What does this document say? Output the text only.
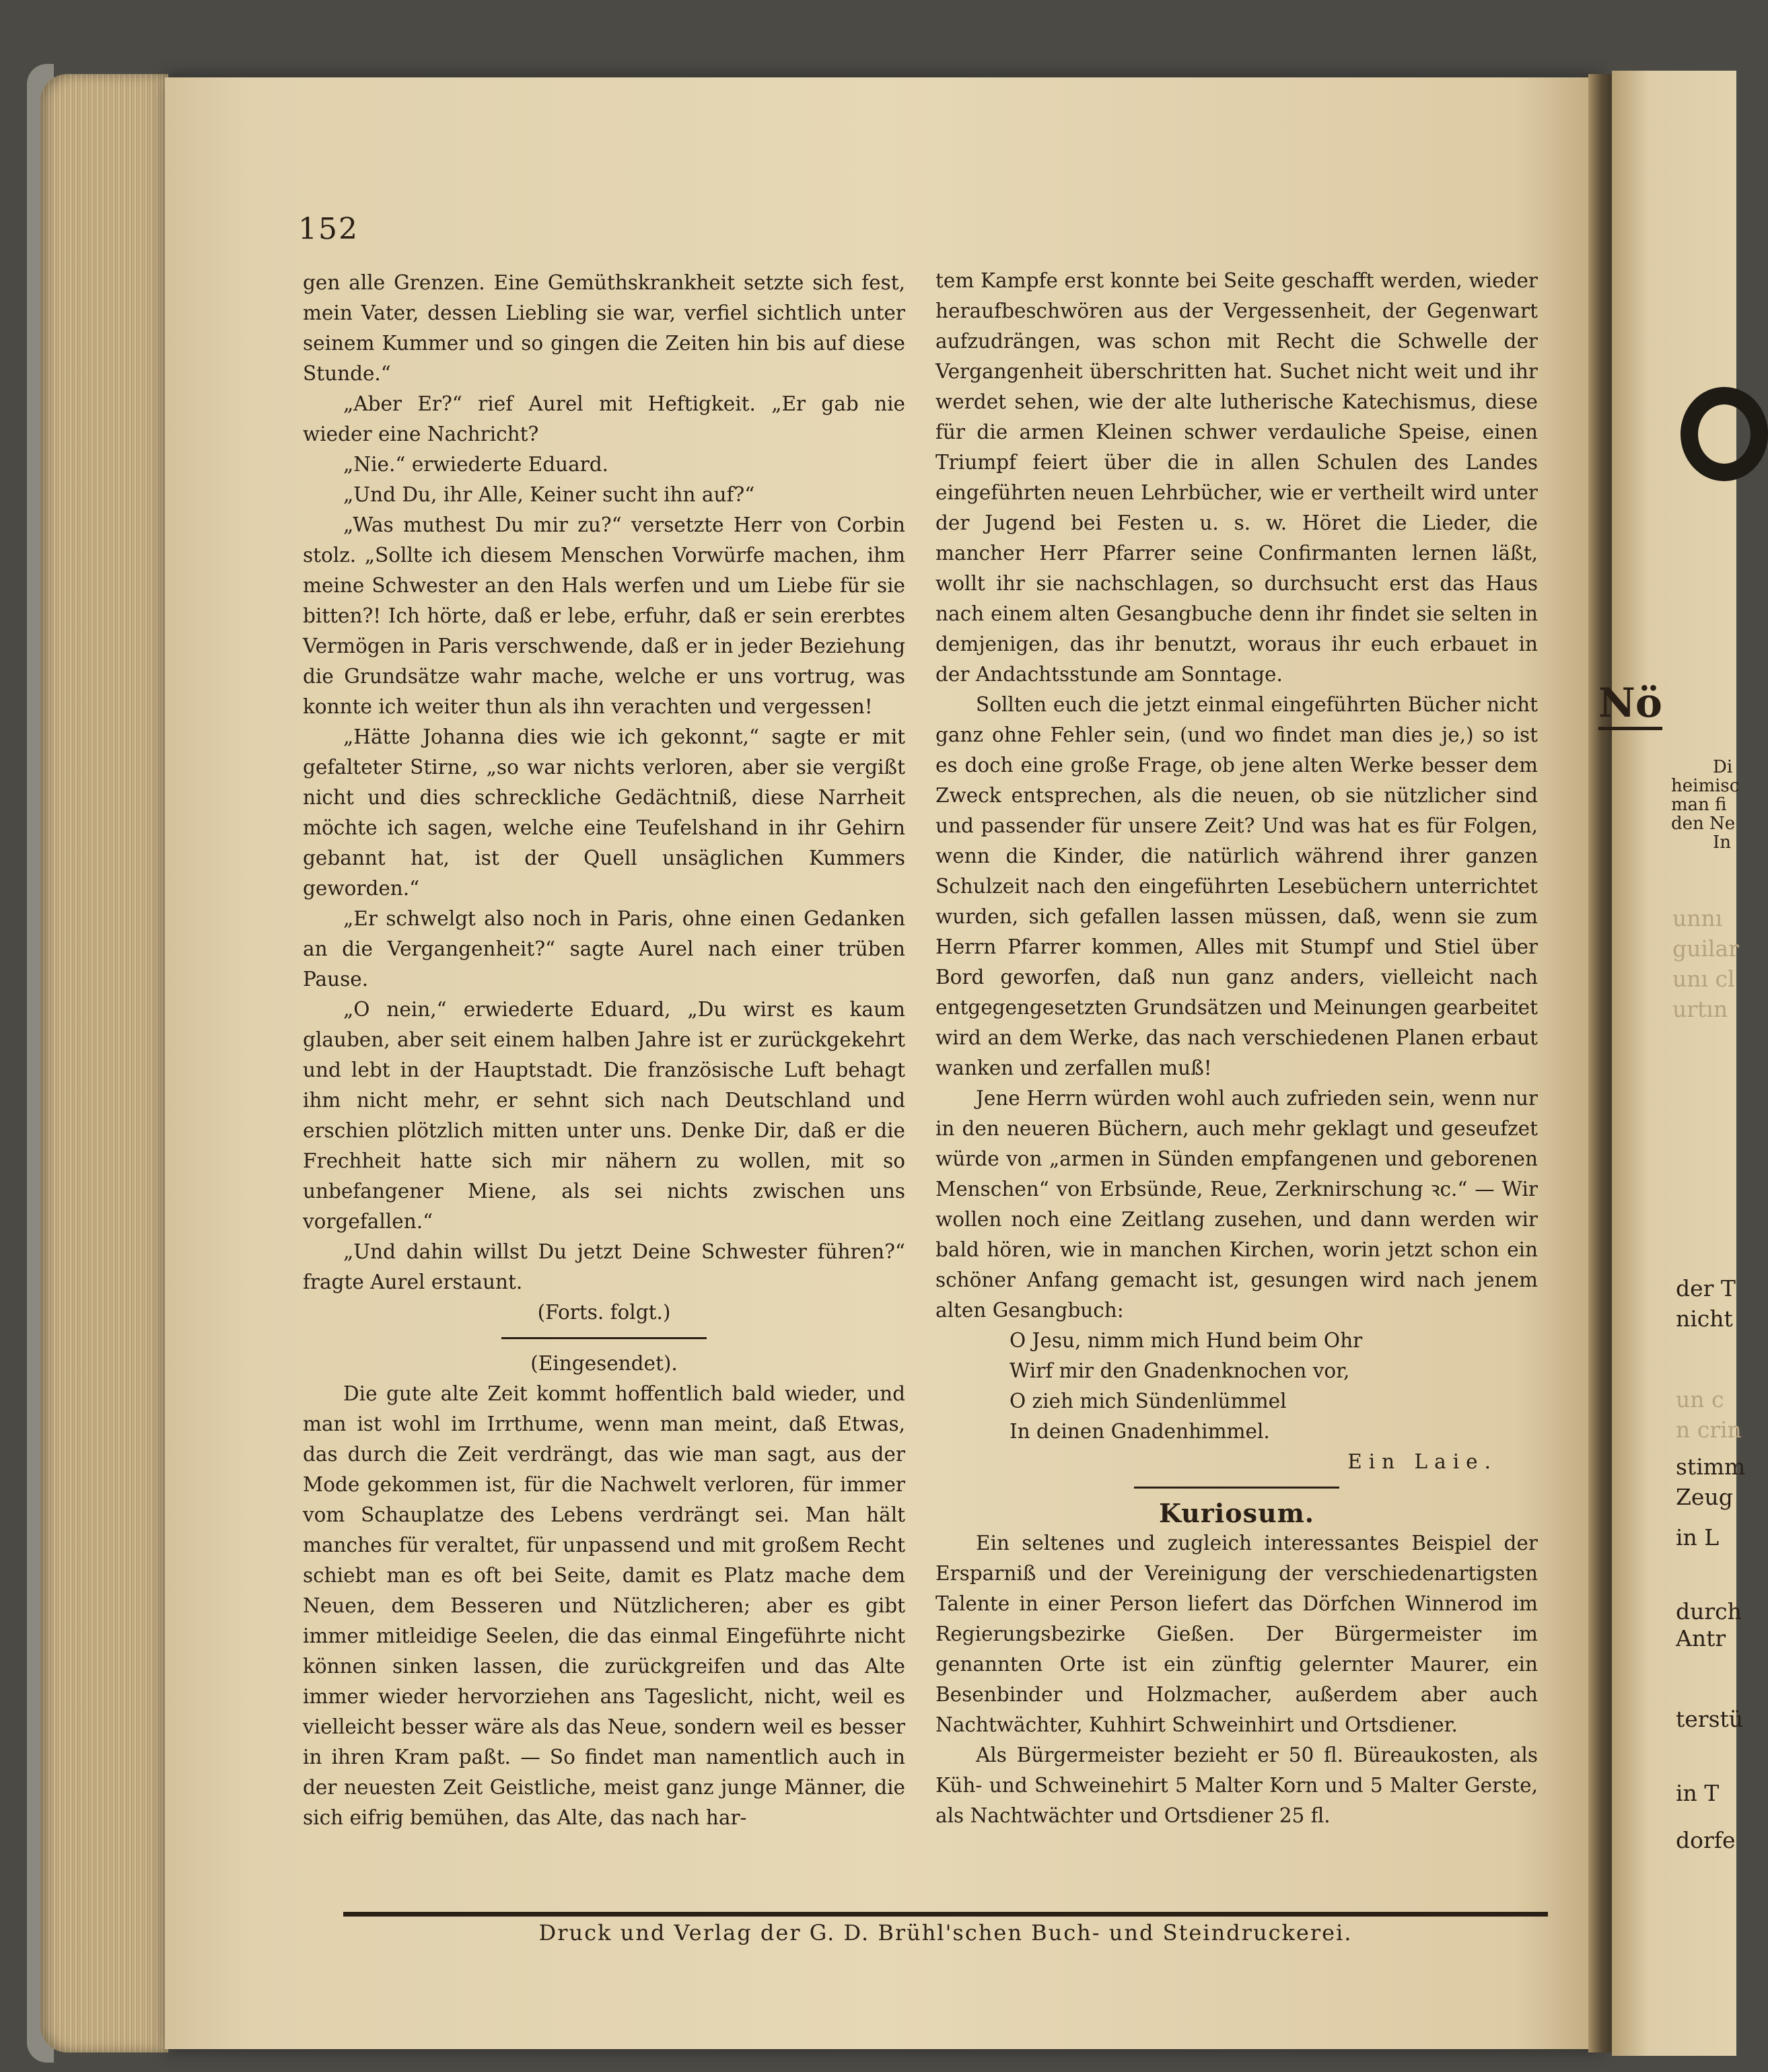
152

gen alle Grenzen. Eine Gemüthskrankheit setzte sich fest, mein Vater, dessen Liebling sie war, verfiel sichtlich unter seinem Kummer und so gingen die Zeiten hin bis auf diese Stunde.“

„Aber Er?“ rief Aurel mit Heftigkeit. „Er gab nie wieder eine Nachricht?

„Nie.“ erwiederte Eduard.

„Und Du, ihr Alle, Keiner sucht ihn auf?“

„Was muthest Du mir zu?“ versetzte Herr von Corbin stolz. „Sollte ich diesem Menschen Vorwürfe machen, ihm meine Schwester an den Hals werfen und um Liebe für sie bitten?! Ich hörte, daß er lebe, erfuhr, daß er sein ererbtes Vermögen in Paris verschwende, daß er in jeder Beziehung die Grundsätze wahr mache, welche er uns vortrug, was konnte ich weiter thun als ihn verachten und vergessen!

„Hätte Johanna dies wie ich gekonnt,“ sagte er mit gefalteter Stirne, „so war nichts verloren, aber sie vergißt nicht und dies schreckliche Gedächtniß, diese Narrheit möchte ich sagen, welche eine Teufelshand in ihr Gehirn gebannt hat, ist der Quell unsäglichen Kummers geworden.“

„Er schwelgt also noch in Paris, ohne einen Gedanken an die Vergangenheit?“ sagte Aurel nach einer trüben Pause.

„O nein,“ erwiederte Eduard, „Du wirst es kaum glauben, aber seit einem halben Jahre ist er zurückgekehrt und lebt in der Hauptstadt. Die französische Luft behagt ihm nicht mehr, er sehnt sich nach Deutschland und erschien plötzlich mitten unter uns. Denke Dir, daß er die Frechheit hatte sich mir nähern zu wollen, mit so unbefangener Miene, als sei nichts zwischen uns vorgefallen.“

„Und dahin willst Du jetzt Deine Schwester führen?“ fragte Aurel erstaunt.

(Forts. folgt.)

(Eingesendet).

Die gute alte Zeit kommt hoffentlich bald wieder, und man ist wohl im Irrthume, wenn man meint, daß Etwas, das durch die Zeit verdrängt, das wie man sagt, aus der Mode gekommen ist, für die Nachwelt verloren, für immer vom Schauplatze des Lebens verdrängt sei. Man hält manches für veraltet, für unpassend und mit großem Recht schiebt man es oft bei Seite, damit es Platz mache dem Neuen, dem Besseren und Nützlicheren; aber es gibt immer mitleidige Seelen, die das einmal Eingeführte nicht können sinken lassen, die zurückgreifen und das Alte immer wieder hervorziehen ans Tageslicht, nicht, weil es vielleicht besser wäre als das Neue, sondern weil es besser in ihren Kram paßt. — So findet man namentlich auch in der neuesten Zeit Geistliche, meist ganz junge Männer, die sich eifrig bemühen, das Alte, das nach har-

tem Kampfe erst konnte bei Seite geschafft werden, wieder heraufbeschwören aus der Vergessenheit, der Gegenwart aufzudrängen, was schon mit Recht die Schwelle der Vergangenheit überschritten hat. Suchet nicht weit und ihr werdet sehen, wie der alte lutherische Katechismus, diese für die armen Kleinen schwer verdauliche Speise, einen Triumpf feiert über die in allen Schulen des Landes eingeführten neuen Lehrbücher, wie er vertheilt wird unter der Jugend bei Festen u. s. w. Höret die Lieder, die mancher Herr Pfarrer seine Confirmanten lernen läßt, wollt ihr sie nachschlagen, so durchsucht erst das Haus nach einem alten Gesangbuche denn ihr findet sie selten in demjenigen, das ihr benutzt, woraus ihr euch erbauet in der Andachtsstunde am Sonntage.

Sollten euch die jetzt einmal eingeführten Bücher nicht ganz ohne Fehler sein, (und wo findet man dies je,) so ist es doch eine große Frage, ob jene alten Werke besser dem Zweck entsprechen, als die neuen, ob sie nützlicher sind und passender für unsere Zeit? Und was hat es für Folgen, wenn die Kinder, die natürlich während ihrer ganzen Schulzeit nach den eingeführten Lesebüchern unterrichtet wurden, sich gefallen lassen müssen, daß, wenn sie zum Herrn Pfarrer kommen, Alles mit Stumpf und Stiel über Bord geworfen, daß nun ganz anders, vielleicht nach entgegengesetzten Grundsätzen und Meinungen gearbeitet wird an dem Werke, das nach verschiedenen Planen erbaut wanken und zerfallen muß!

Jene Herrn würden wohl auch zufrieden sein, wenn nur in den neueren Büchern, auch mehr geklagt und geseufzet würde von „armen in Sünden empfangenen und geborenen Menschen“ von Erbsünde, Reue, Zerknirschung ꝛc.“ — Wir wollen noch eine Zeitlang zusehen, und dann werden wir bald hören, wie in manchen Kirchen, worin jetzt schon ein schöner Anfang gemacht ist, gesungen wird nach jenem alten Gesangbuch:

O Jesu, nimm mich Hund beim Ohr
Wirf mir den Gnadenknochen vor,
O zieh mich Sündenlümmel
In deinen Gnadenhimmel.

Ein Laie.

Kuriosum.

Ein seltenes und zugleich interessantes Beispiel der Ersparniß und der Vereinigung der verschiedenartigsten Talente in einer Person liefert das Dörfchen Winnerod im Regierungsbezirke Gießen. Der Bürgermeister im genannten Orte ist ein zünftig gelernter Maurer, ein Besenbinder und Holzmacher, außerdem aber auch Nachtwächter, Kuhhirt Schweinhirt und Ortsdiener.

Als Bürgermeister bezieht er 50 fl. Büreaukosten, als Küh- und Schweinehirt 5 Malter Korn und 5 Malter Gerste, als Nachtwächter und Ortsdiener 25 fl.

Druck und Verlag der G. D. Brühl'schen Buch- und Steindruckerei.
Nö
Di
heimisc
man fi
den Ne
In
unnı
guilar
unı cl
urtın
der T
nicht
un c
n crin
stimm
Zeug
in L
durch
Antr
terstü
in T
dorfe
